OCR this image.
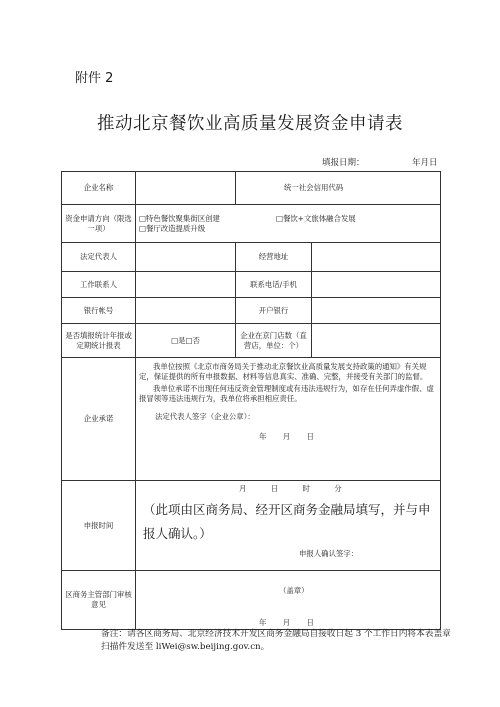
附件 2
推动北京餐饮业高质量发展资金申请表
填报日期：	年月日
企业名称		统一社会信用代码	
资金申请方向（限选一项）	□特色餐饮聚集街区创建 □餐饮+文旅体融合发展
□餐厅改造提质升级		

法定代表人		经营地址	
工作联系人		联系电话/手机	
银行帐号		开户银行	
是否填报统计年报或定期统计报表	□是□否	企业在京门店数（直营店，单位：个）	
企业承诺	我单位按照《北京市商务局关于推动北京餐饮业高质量发展支持政策的通知》有关规定，保证提供的所有申报数据、材料等信息真实、准确、完整，并接受有关部门的监督。

我单位承诺不出现任何违反资金管理制度或有违法违规行为，如存在任何弄虚作假、虚报冒领等违法违规行为，我单位将承担相应责任。

法定代表人签字（企业公章）：

年 月 日		

申报时间	月 日 时 分
（此项由区商务局、经开区商务金融局填写，并与申报人确认。）
申报人确认签字：		

区商务主管部门审核意见	（盖章）
年 月 日		
备注：请各区商务局、北京经济技术开发区商务金融局自接收日起 3 个工作日内将本表盖章扫描件发送至 liWei@sw.beijing.gov.cn。
